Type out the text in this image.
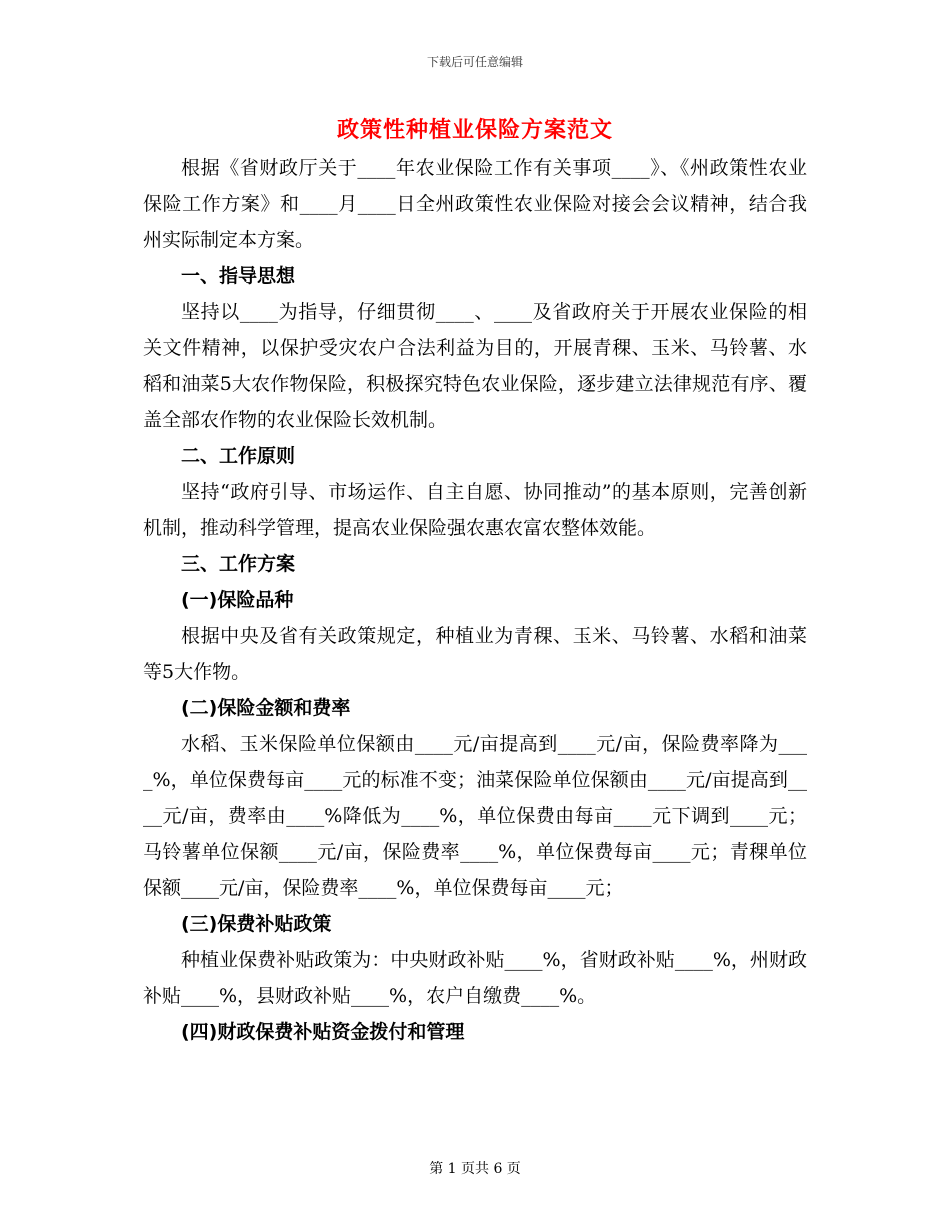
下载后可任意编辑
政策性种植业保险方案范文

根据《省财政厅关于____年农业保险工作有关事项____》、《州政策性农业保险工作方案》和____月____日全州政策性农业保险对接会会议精神，结合我州实际制定本方案。

一、指导思想

坚持以____为指导，仔细贯彻____、____及省政府关于开展农业保险的相关文件精神，以保护受灾农户合法利益为目的，开展青稞、玉米、马铃薯、水稻和油菜5大农作物保险，积极探究特色农业保险，逐步建立法律规范有序、覆盖全部农作物的农业保险长效机制。

二、工作原则

坚持“政府引导、市场运作、自主自愿、协同推动”的基本原则，完善创新机制，推动科学管理，提高农业保险强农惠农富农整体效能。

三、工作方案

(一)保险品种

根据中央及省有关政策规定，种植业为青稞、玉米、马铃薯、水稻和油菜等5大作物。

(二)保险金额和费率

水稻、玉米保险单位保额由____元/亩提高到____元/亩，保险费率降为____%，单位保费每亩____元的标准不变；油菜保险单位保额由____元/亩提高到____元/亩，费率由____%降低为____%，单位保费由每亩____元下调到____元；马铃薯单位保额____元/亩，保险费率____%，单位保费每亩____元；青稞单位保额____元/亩，保险费率____%，单位保费每亩____元；

(三)保费补贴政策

种植业保费补贴政策为：中央财政补贴____%，省财政补贴____%，州财政补贴____%，县财政补贴____%，农户自缴费____%。

(四)财政保费补贴资金拨付和管理

第 1 页共 6 页
